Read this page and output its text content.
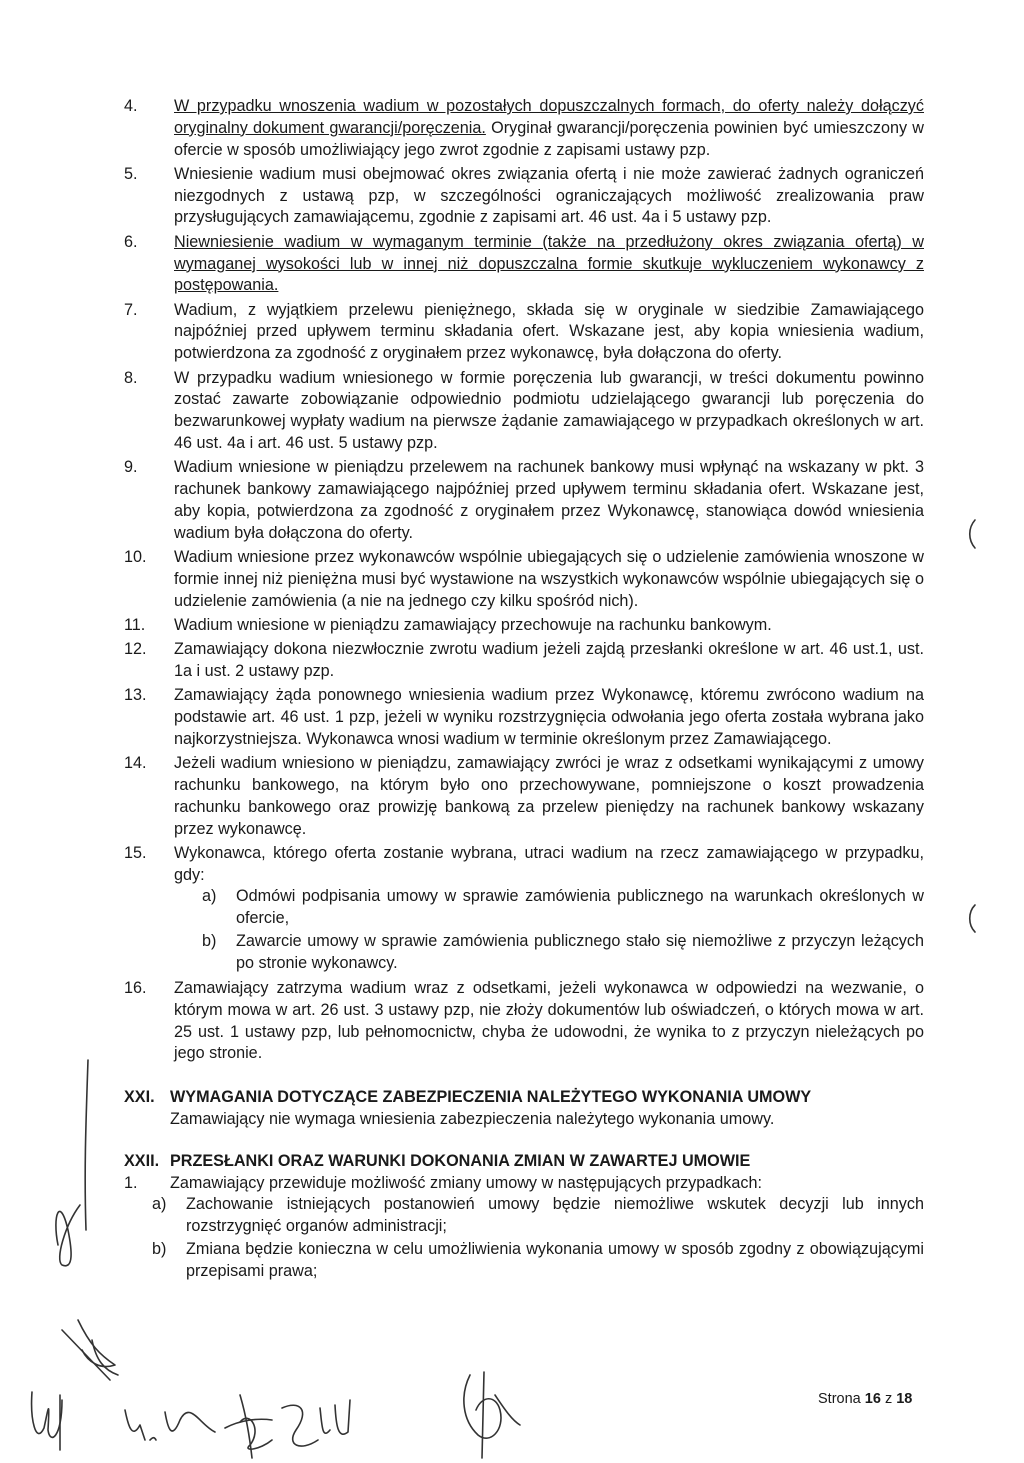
4.	W przypadku wnoszenia wadium w pozostałych dopuszczalnych formach, do oferty należy dołączyć oryginalny dokument gwarancji/poręczenia. Oryginał gwarancji/poręczenia powinien być umieszczony w ofercie w sposób umożliwiający jego zwrot zgodnie z zapisami ustawy pzp.
5.	Wniesienie wadium musi obejmować okres związania ofertą i nie może zawierać żadnych ograniczeń niezgodnych z ustawą pzp, w szczególności ograniczających możliwość zrealizowania praw przysługujących zamawiającemu, zgodnie z zapisami art. 46 ust. 4a i 5 ustawy pzp.
6.	Niewniesienie wadium w wymaganym terminie (także na przedłużony okres związania ofertą) w wymaganej wysokości lub w innej niż dopuszczalna formie skutkuje wykluczeniem wykonawcy z postępowania.
7.	Wadium, z wyjątkiem przelewu pieniężnego, składa się w oryginale w siedzibie Zamawiającego najpóźniej przed upływem terminu składania ofert. Wskazane jest, aby kopia wniesienia wadium, potwierdzona za zgodność z oryginałem przez wykonawcę, była dołączona do oferty.
8.	W przypadku wadium wniesionego w formie poręczenia lub gwarancji, w treści dokumentu powinno zostać zawarte zobowiązanie odpowiednio podmiotu udzielającego gwarancji lub poręczenia do bezwarunkowej wypłaty wadium na pierwsze żądanie zamawiającego w przypadkach określonych w art. 46 ust. 4a i art. 46 ust. 5 ustawy pzp.
9.	Wadium wniesione w pieniądzu przelewem na rachunek bankowy musi wpłynąć na wskazany w pkt. 3 rachunek bankowy zamawiającego najpóźniej przed upływem terminu składania ofert. Wskazane jest, aby kopia, potwierdzona za zgodność z oryginałem przez Wykonawcę, stanowiąca dowód wniesienia wadium była dołączona do oferty.
10.	Wadium wniesione przez wykonawców wspólnie ubiegających się o udzielenie zamówienia wnoszone w formie innej niż pieniężna musi być wystawione na wszystkich wykonawców wspólnie ubiegających się o udzielenie zamówienia (a nie na jednego czy kilku spośród nich).
11.	Wadium wniesione w pieniądzu zamawiający przechowuje na rachunku bankowym.
12.	Zamawiający dokona niezwłocznie zwrotu wadium jeżeli zajdą przesłanki określone w art. 46 ust.1, ust. 1a i ust. 2 ustawy pzp.
13.	Zamawiający żąda ponownego wniesienia wadium przez Wykonawcę, któremu zwrócono wadium na podstawie art. 46 ust. 1 pzp, jeżeli w wyniku rozstrzygnięcia odwołania jego oferta została wybrana jako najkorzystniejsza. Wykonawca wnosi wadium w terminie określonym przez Zamawiającego.
14.	Jeżeli wadium wniesiono w pieniądzu, zamawiający zwróci je wraz z odsetkami wynikającymi z umowy rachunku bankowego, na którym było ono przechowywane, pomniejszone o koszt prowadzenia rachunku bankowego oraz prowizję bankową za przelew pieniędzy na rachunek bankowy wskazany przez wykonawcę.
15.	Wykonawca, którego oferta zostanie wybrana, utraci wadium na rzecz zamawiającego w przypadku, gdy:
a)	Odmówi podpisania umowy w sprawie zamówienia publicznego na warunkach określonych w ofercie,
b)	Zawarcie umowy w sprawie zamówienia publicznego stało się niemożliwe z przyczyn leżących po stronie wykonawcy.
16.	Zamawiający zatrzyma wadium wraz z odsetkami, jeżeli wykonawca w odpowiedzi na wezwanie, o którym mowa w art. 26 ust. 3 ustawy pzp, nie złoży dokumentów lub oświadczeń, o których mowa w art. 25 ust. 1 ustawy pzp, lub pełnomocnictw, chyba że udowodni, że wynika to z przyczyn nieleżących po jego stronie.
XXI. WYMAGANIA DOTYCZĄCE ZABEZPIECZENIA NALEŻYTEGO WYKONANIA UMOWY
Zamawiający nie wymaga wniesienia zabezpieczenia należytego wykonania umowy.
XXII. PRZESŁANKI ORAZ WARUNKI DOKONANIA ZMIAN W ZAWARTEJ UMOWIE
1.	Zamawiający przewiduje możliwość zmiany umowy w następujących przypadkach:
a)	Zachowanie istniejących postanowień umowy będzie niemożliwe wskutek decyzji lub innych rozstrzygnięć organów administracji;
b)	Zmiana będzie konieczna w celu umożliwienia wykonania umowy w sposób zgodny z obowiązującymi przepisami prawa;
Strona 16 z 18
